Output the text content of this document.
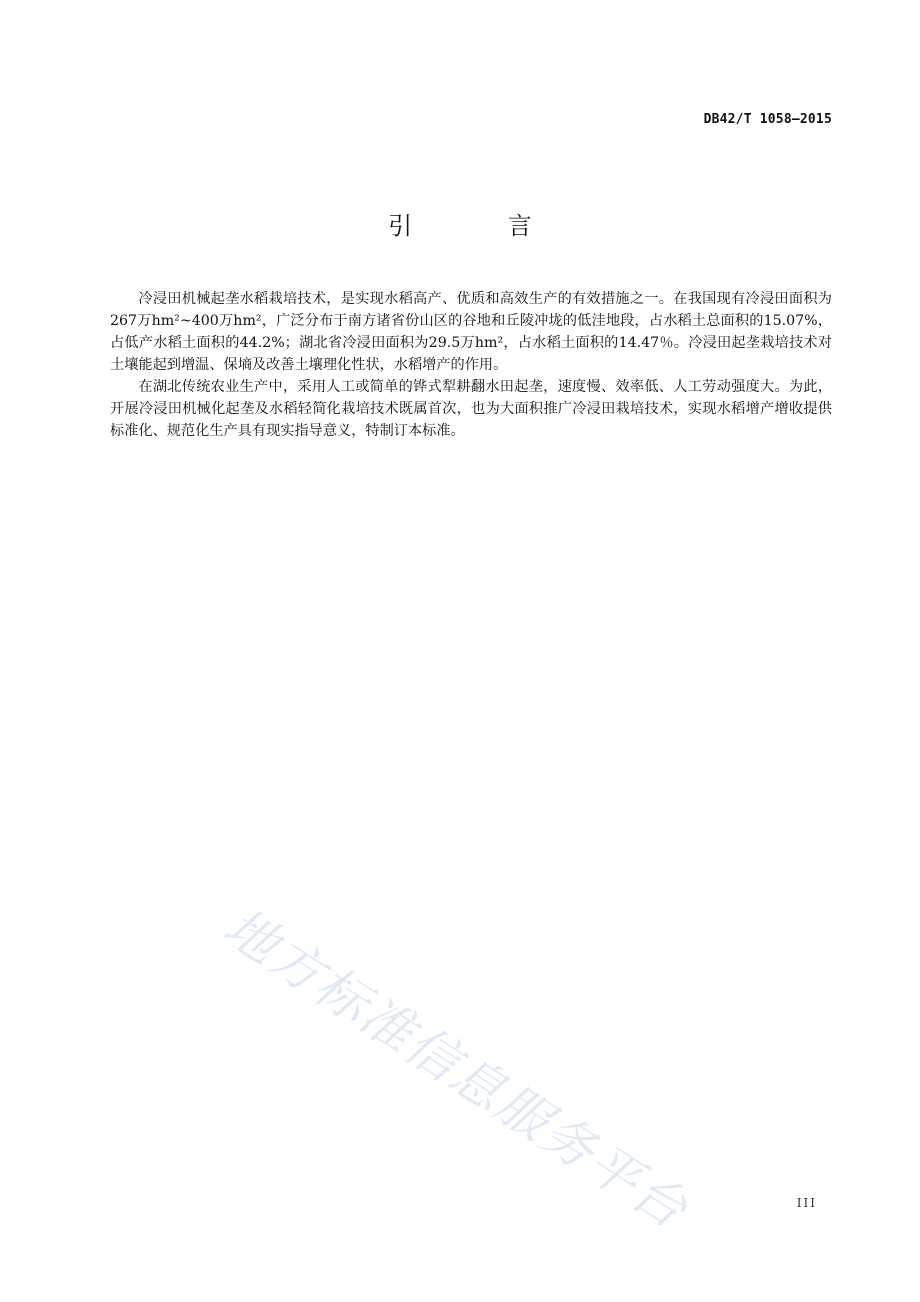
DB42/T 1058—2015
引 言

冷浸田机械起垄水稻栽培技术，是实现水稻高产、优质和高效生产的有效措施之一。在我国现有冷浸田面积为267万hm²~400万hm²，广泛分布于南方诸省份山区的谷地和丘陵冲垅的低洼地段，占水稻土总面积的15.07%，占低产水稻土面积的44.2%；湖北省冷浸田面积为29.5万hm²，占水稻土面积的14.47％。冷浸田起垄栽培技术对土壤能起到增温、保墒及改善土壤理化性状，水稻增产的作用。

在湖北传统农业生产中，采用人工或简单的铧式犁耕翻水田起垄，速度慢、效率低、人工劳动强度大。为此，开展冷浸田机械化起垄及水稻轻简化栽培技术既属首次，也为大面积推广冷浸田栽培技术，实现水稻增产增收提供标准化、规范化生产具有现实指导意义，特制订本标准。

地方标准信息服务平台	III
